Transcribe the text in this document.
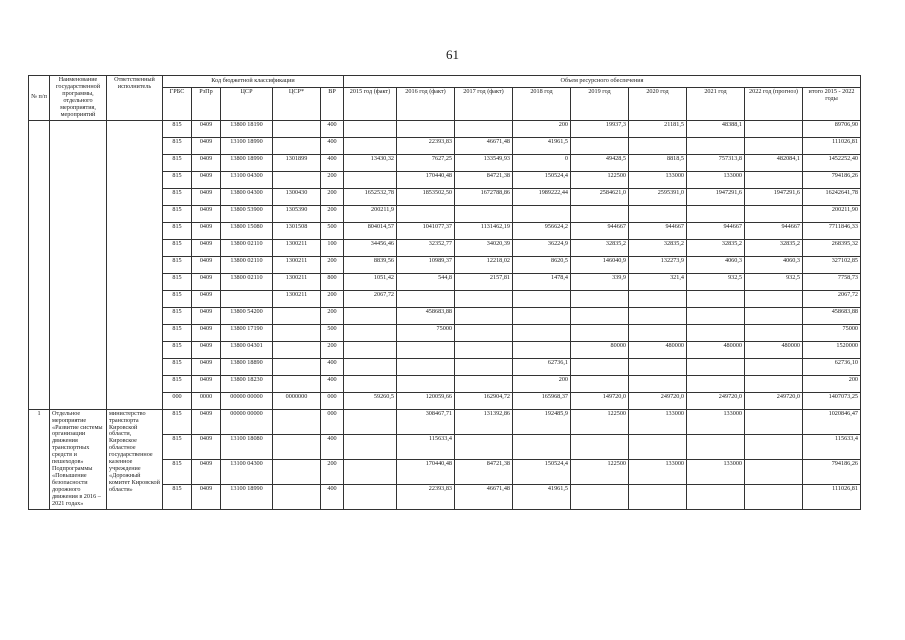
61
№ п/п	Наименование государственной программы, отдельного мероприятия, мероприятий	Ответственный исполнитель	Код бюджетной классификации					Объем ресурсного обеспечения								
			ГРБС	РзПр	ЦСР	ЦСР*	ВР	2015 год (факт)	2016 год (факт)	2017 год (факт)	2018 год	2019 год	2020 год	2021 год	2022 год (прогноз)	итого 2015 - 2022 годы
			815	0409	13800 18190		400				200	19937,3	21181,5	48388,1		89706,90
			815	0409	13100 18990		400		22393,83	46671,48	41961,5					111026,81
			815	0409	13800 18990	1301899	400	13430,32	7627,25	133549,93	0	49428,5	8818,5	757313,8	482084,1	1452252,40
			815	0409	13100 04300		200		170440,48	84721,38	150524,4	122500	133000	133000		794186,26
			815	0409	13800 04300	1300430	200	1652532,78	1853502,50	1672788,86	1989222,44	2584621,0	2595391,0	1947291,6	1947291,6	16242641,78
			815	0409	13800 53900	1305390	200	200211,9								200211,90
			815	0409	13800 15080	1301508	500	804014,57	1041077,37	1131462,19	956624,2	944667	944667	944667	944667	7711846,33
			815	0409	13800 02110	1300211	100	34456,46	32352,77	34020,39	36224,9	32835,2	32835,2	32835,2	32835,2	268395,32
			815	0409	13800 02110	1300211	200	8839,56	10989,37	12218,02	8620,5	146040,9	132273,9	4060,3	4060,3	327102,85
			815	0409	13800 02110	1300211	800	1051,42	544,8	2157,81	1478,4	339,9	321,4	932,5	932,5	7758,73
			815	0409		1300211	200	2067,72								2067,72
			815	0409	13800 54200		200		458683,88							458683,88
			815	0409	13800 17190		500		75000							75000
			815	0409	13800 04301		200					80000	480000	480000	480000	1520000
			815	0409	13800 18890		400				62736,1					62736,10
			815	0409	13800 18230		400				200					200
			000	0000	00000 00000	0000000	000	59260,5	120059,66	162904,72	165968,37	149720,0	249720,0	249720,0	249720,0	1407073,25
1	Отдельное мероприятие «Развитие системы организации движения транспортных средств и пешеходов» Подпрограммы «Повышение безопасности дорожного движения в 2016 – 2021 годах»	министерство транспорта Кировской области, Кировское областное государственное казенное учреждение «Дорожный комитет Кировской области»	815	0409	00000 00000		000		308467,71	131392,86	192485,9	122500	133000	133000		1020846,47
			815	0409	13100 18080		400		115633,4							115633,4
			815	0409	13100 04300		200		170440,48	84721,38	150524,4	122500	133000	133000		794186,26
			815	0409	13100 18990		400		22393,83	46671,48	41961,5					111026,81
